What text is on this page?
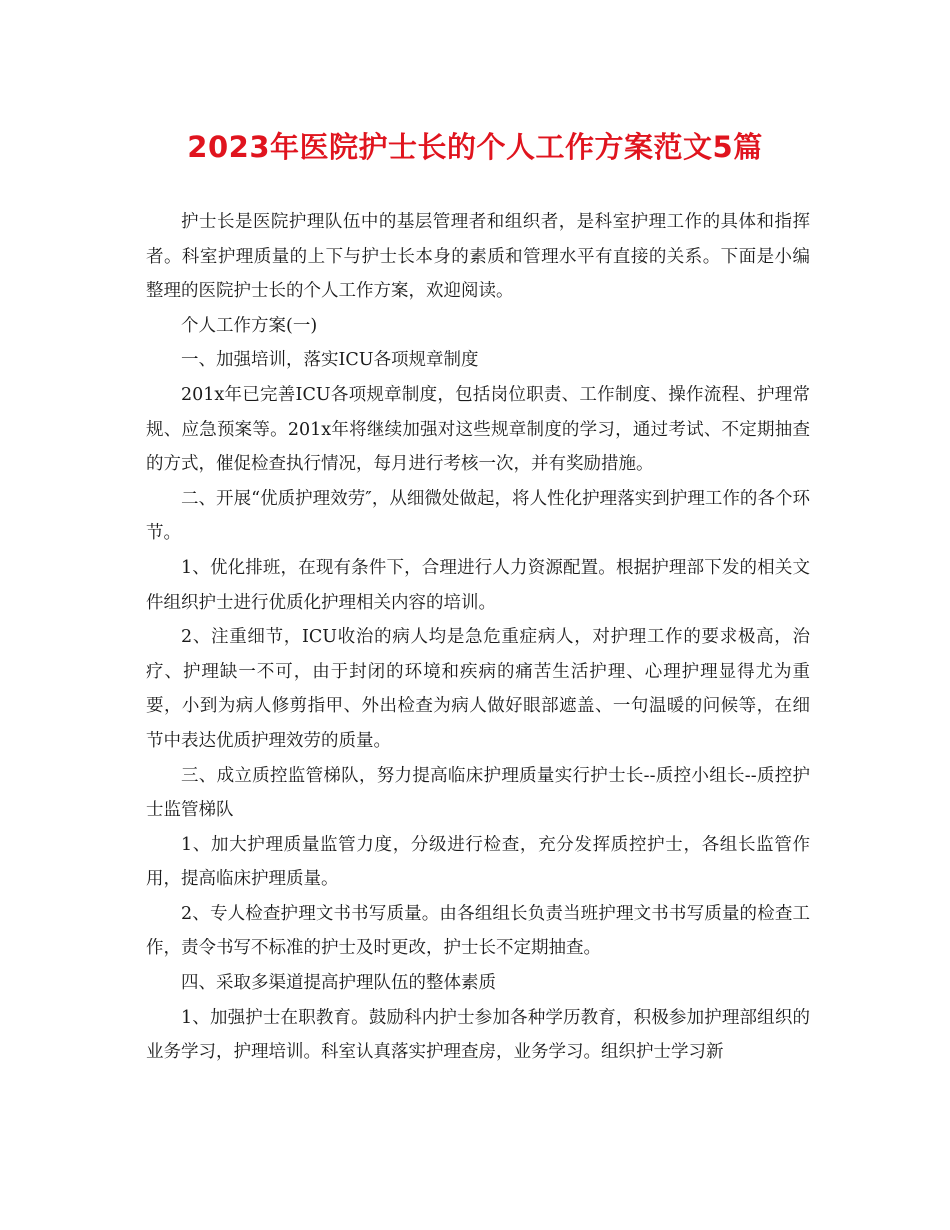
2023年医院护士长的个人工作方案范文5篇

护士长是医院护理队伍中的基层管理者和组织者，是科室护理工作的具体和指挥者。科室护理质量的上下与护士长本身的素质和管理水平有直接的关系。下面是小编整理的医院护士长的个人工作方案，欢迎阅读。

个人工作方案(一)

一、加强培训，落实ICU各项规章制度

201x年已完善ICU各项规章制度，包括岗位职责、工作制度、操作流程、护理常规、应急预案等。201x年将继续加强对这些规章制度的学习，通过考试、不定期抽查的方式，催促检查执行情况，每月进行考核一次，并有奖励措施。

二、开展“优质护理效劳″，从细微处做起，将人性化护理落实到护理工作的各个环节。

1、优化排班，在现有条件下，合理进行人力资源配置。根据护理部下发的相关文件组织护士进行优质化护理相关内容的培训。

2、注重细节，ICU收治的病人均是急危重症病人，对护理工作的要求极高，治疗、护理缺一不可，由于封闭的环境和疾病的痛苦生活护理、心理护理显得尤为重要，小到为病人修剪指甲、外出检查为病人做好眼部遮盖、一句温暖的问候等，在细节中表达优质护理效劳的质量。

三、成立质控监管梯队，努力提高临床护理质量实行护士长--质控小组长--质控护士监管梯队

1、加大护理质量监管力度，分级进行检查，充分发挥质控护士，各组长监管作用，提高临床护理质量。

2、专人检查护理文书书写质量。由各组组长负责当班护理文书书写质量的检查工作，责令书写不标准的护士及时更改，护士长不定期抽查。

四、采取多渠道提高护理队伍的整体素质

1、加强护士在职教育。鼓励科内护士参加各种学历教育，积极参加护理部组织的业务学习，护理培训。科室认真落实护理查房，业务学习。组织护士学习新
